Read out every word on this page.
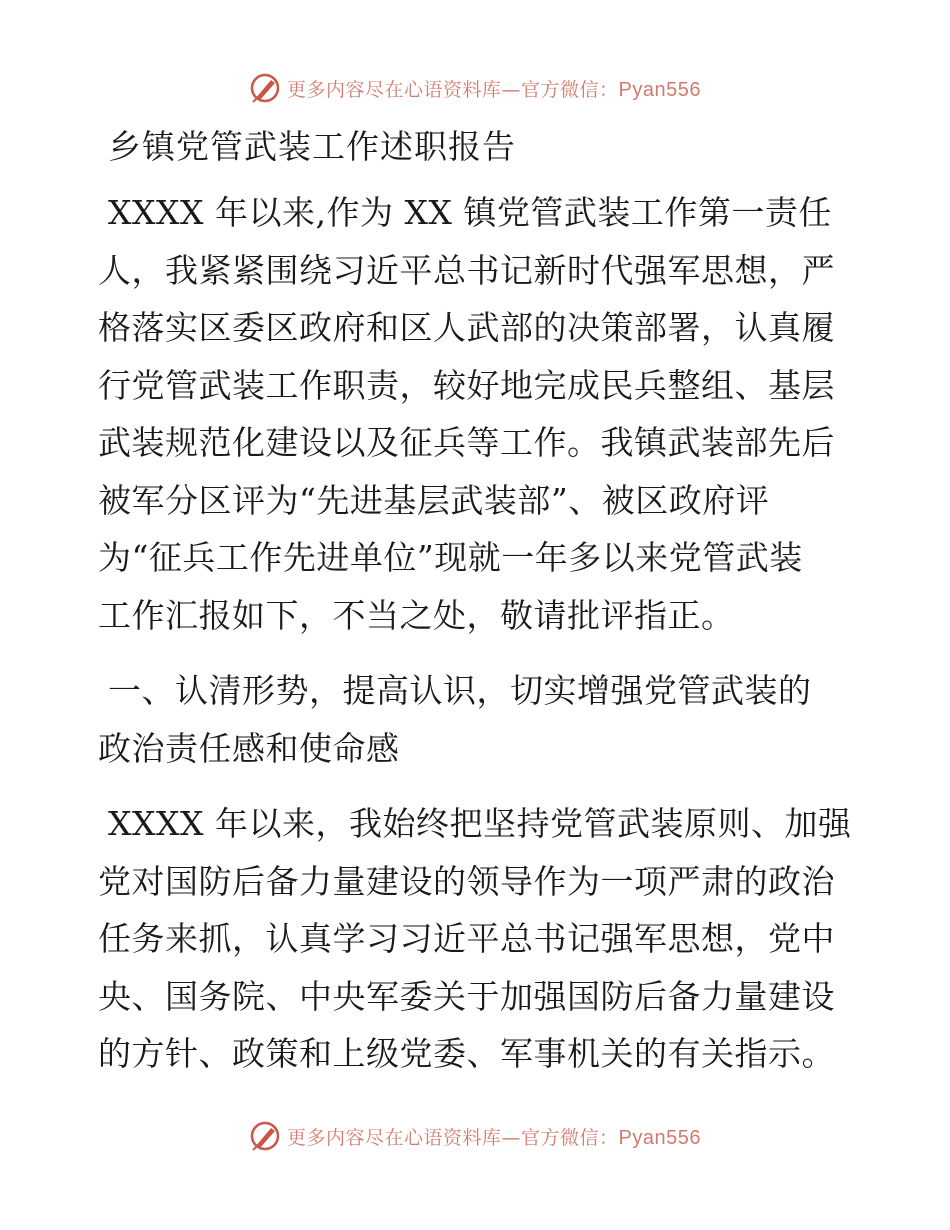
更多内容尽在心语资料库—官方微信：Pyan556
乡镇党管武装工作述职报告

XXXX 年以来,作为 XX 镇党管武装工作第一责任

人，我紧紧围绕习近平总书记新时代强军思想，严

格落实区委区政府和区人武部的决策部署，认真履

行党管武装工作职责，较好地完成民兵整组、基层

武装规范化建设以及征兵等工作。我镇武装部先后

被军分区评为“先进基层武装部”、被区政府评

为“征兵工作先进单位”现就一年多以来党管武装

工作汇报如下，不当之处，敬请批评指正。

一、认清形势，提高认识，切实增强党管武装的

政治责任感和使命感

XXXX 年以来，我始终把坚持党管武装原则、加强

党对国防后备力量建设的领导作为一项严肃的政治

任务来抓，认真学习习近平总书记强军思想，党中

央、国务院、中央军委关于加强国防后备力量建设

的方针、政策和上级党委、军事机关的有关指示。

更多内容尽在心语资料库—官方微信：Pyan556
